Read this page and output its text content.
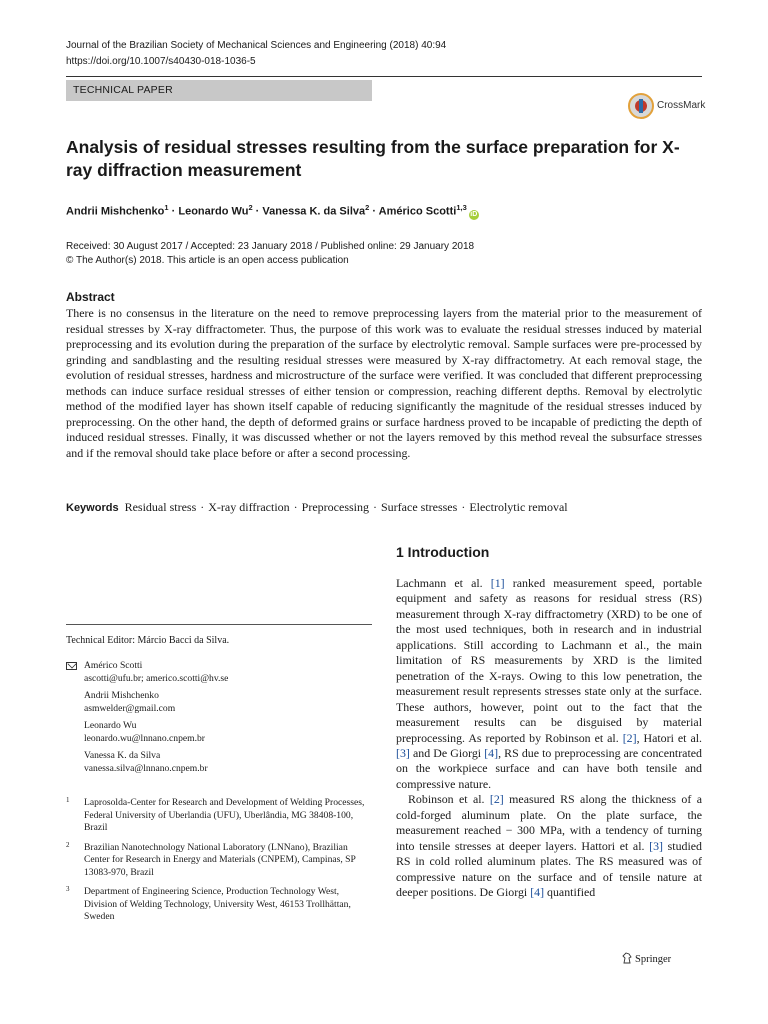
Journal of the Brazilian Society of Mechanical Sciences and Engineering (2018) 40:94
https://doi.org/10.1007/s40430-018-1036-5
TECHNICAL PAPER
CrossMark
Analysis of residual stresses resulting from the surface preparation for X-ray diffraction measurement
Andrii Mishchenko$^1$ · Leonardo $Wu^2$ · Vanessa K. da Silva$^2$ · Américo Scotti$^{1,3}$iD
Received: 30 August 2017 / Accepted: 23 January 2018 / Published online: 29 January 2018
© The Author(s) 2018. This article is an open access publication
Abstract
There is no consensus in the literature on the need to remove preprocessing layers from the material prior to the measurement of residual stresses by X-ray diffractometer. Thus, the purpose of this work was to evaluate the residual stresses induced by material preprocessing and its evolution during the preparation of the surface by electrolytic removal. Sample surfaces were pre-processed by grinding and sandblasting and the resulting residual stresses were measured by X-ray diffractometry. At each removal stage, the evolution of residual stresses, hardness and microstructure of the surface were verified. It was concluded that different preprocessing methods can induce surface residual stresses of either tension or compression, reaching different depths. Removal by electrolytic method of the modified layer has shown itself capable of reducing significantly the magnitude of the residual stresses induced by preprocessing. On the other hand, the depth of deformed grains or surface hardness proved to be incapable of predicting the depth of induced residual stresses. Finally, it was discussed whether or not the layers removed by this method reveal the subsurface stresses and if the removal should take place before or after a second processing.
Keywords Residual stress · X-ray diffraction · Preprocessing · Surface stresses · Electrolytic removal
1 Introduction

Lachmann et al. [1] ranked measurement speed, portable equipment and safety as reasons for residual stress (RS) measurement through X-ray diffractometry (XRD) to be one of the most used techniques, both in research and in industrial applications. Still according to Lachmann et al., the main limitation of RS measurements by XRD is the limited penetration of the X-rays. Owing to this low penetration, the measurement result represents stresses state only at the surface. These authors, however, point out to the fact that the measurement results can be disguised by material preprocessing. As reported by Robinson et al. [2], Hatori et al. [3] and De Giorgi [4], RS due to preprocessing are concentrated on the workpiece surface and can have both tensile and compressive nature.

Robinson et al. [2] measured RS along the thickness of a cold-forged aluminum plate. On the plate surface, the measurement reached − 300 MPa, with a tendency of turning into tensile stresses at deeper layers. Hattori et al. [3] studied RS in cold rolled aluminum plates. The RS measured was of compressive nature on the surface and of tensile nature at deeper positions. De Giorgi [4] quantified

Technical Editor: Márcio Bacci da Silva.
Américo Scotti
ascotti@ufu.br; americo.scotti@hv.se
Andrii Mishchenko
asmwelder@gmail.com
Leonardo Wu
leonardo.wu@lnnano.cnpem.br
Vanessa K. da Silva
vanessa.silva@lnnano.cnpem.br
1 Laprosolda-Center for Research and Development of Welding Processes, Federal University of Uberlandia (UFU), Uberlândia, MG 38408-100, Brazil
2 Brazilian Nanotechnology National Laboratory (LNNano), Brazilian Center for Research in Energy and Materials (CNPEM), Campinas, SP 13083-970, Brazil
3 Department of Engineering Science, Production Technology West, Division of Welding Technology, University West, 46153 Trollhättan, Sweden
Springer
